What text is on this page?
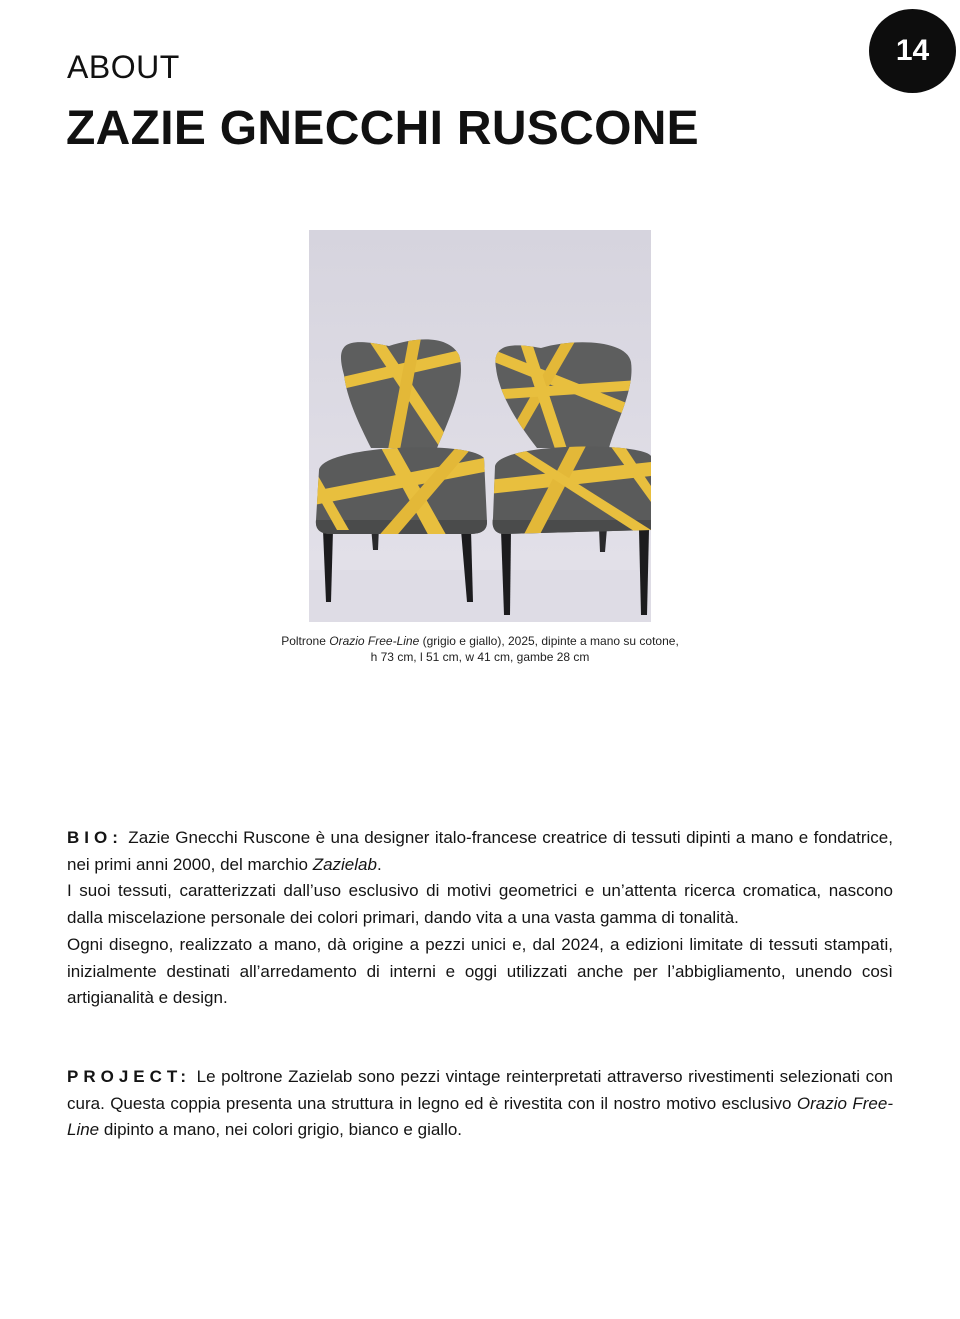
14
ABOUT
ZAZIE GNECCHI RUSCONE
Poltrone Orazio Free-Line (grigio e giallo), 2025, dipinte a mano su cotone,
h 73 cm, l 51 cm, w 41 cm, gambe 28 cm
BIO: Zazie Gnecchi Ruscone è una designer italo-francese creatrice di tessuti dipinti a mano e fondatrice, nei primi anni 2000, del marchio Zazielab.
I suoi tessuti, caratterizzati dall’uso esclusivo di motivi geometrici e un’attenta ricerca cromatica, nascono dalla miscelazione personale dei colori primari, dando vita a una vasta gamma di tonalità.
Ogni disegno, realizzato a mano, dà origine a pezzi unici e, dal 2024, a edizioni limitate di tessuti stampati, inizialmente destinati all’arredamento di interni e oggi utilizzati anche per l’abbigliamento, unendo così artigianalità e design.
PROJECT: Le poltrone Zazielab sono pezzi vintage reinterpretati attraverso rivestimenti selezionati con cura. Questa coppia presenta una struttura in legno ed è rivestita con il nostro motivo esclusivo Orazio Free-Line dipinto a mano, nei colori grigio, bianco e giallo.
